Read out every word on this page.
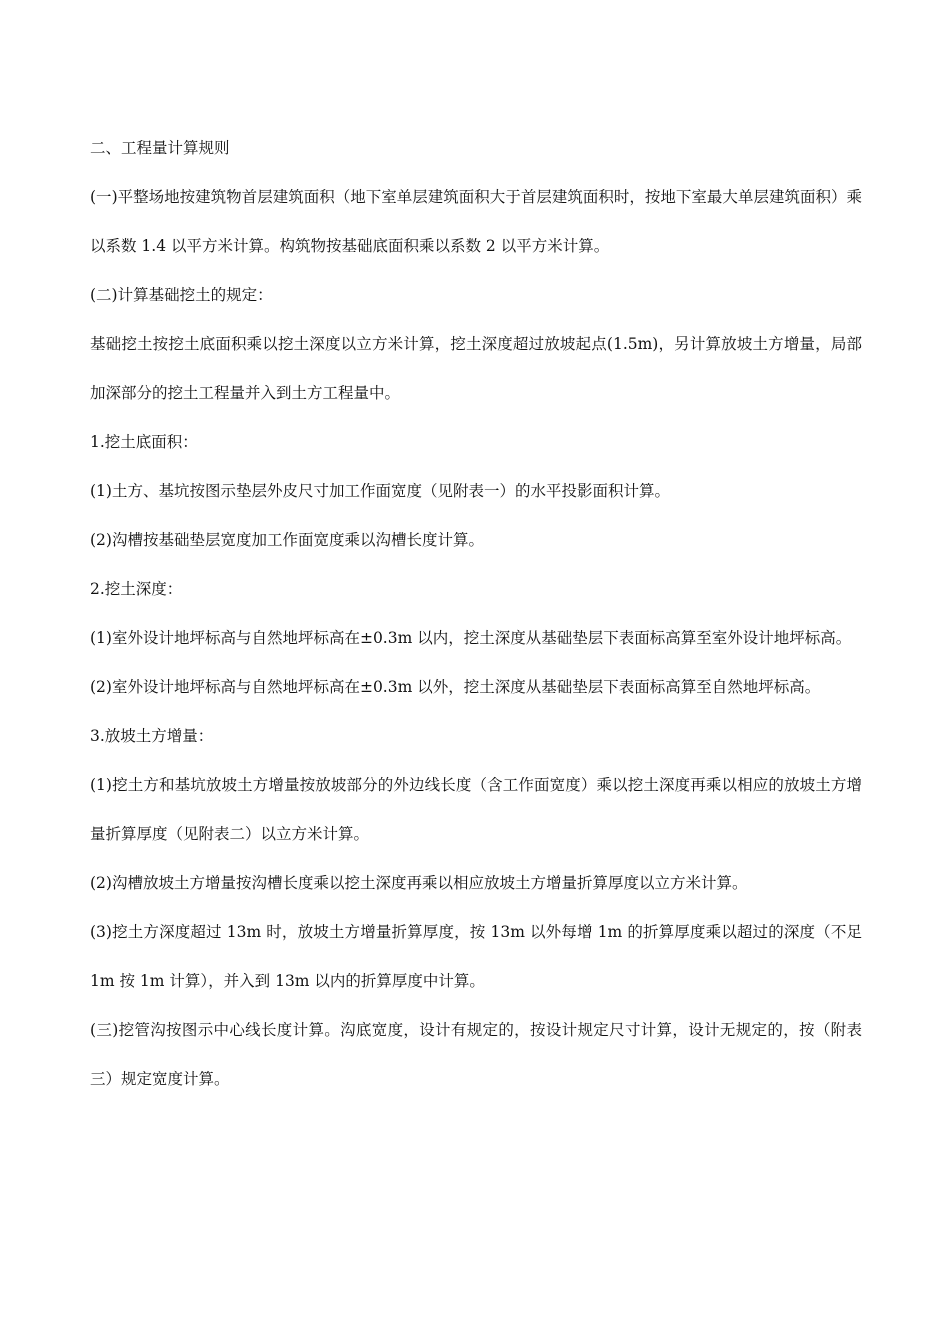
二、工程量计算规则

(一)平整场地按建筑物首层建筑面积（地下室单层建筑面积大于首层建筑面积时，按地下室最大单层建筑面积）乘以系数 1.4 以平方米计算。构筑物按基础底面积乘以系数 2 以平方米计算。

(二)计算基础挖土的规定：

基础挖土按挖土底面积乘以挖土深度以立方米计算，挖土深度超过放坡起点(1.5m)，另计算放坡土方增量，局部加深部分的挖土工程量并入到土方工程量中。

1.挖土底面积：

(1)土方、基坑按图示垫层外皮尺寸加工作面宽度（见附表一）的水平投影面积计算。

(2)沟槽按基础垫层宽度加工作面宽度乘以沟槽长度计算。

2.挖土深度：

(1)室外设计地坪标高与自然地坪标高在±0.3m 以内，挖土深度从基础垫层下表面标高算至室外设计地坪标高。

(2)室外设计地坪标高与自然地坪标高在±0.3m 以外，挖土深度从基础垫层下表面标高算至自然地坪标高。

3.放坡土方增量：

(1)挖土方和基坑放坡土方增量按放坡部分的外边线长度（含工作面宽度）乘以挖土深度再乘以相应的放坡土方增量折算厚度（见附表二）以立方米计算。

(2)沟槽放坡土方增量按沟槽长度乘以挖土深度再乘以相应放坡土方增量折算厚度以立方米计算。

(3)挖土方深度超过 13m 时，放坡土方增量折算厚度，按 13m 以外每增 1m 的折算厚度乘以超过的深度（不足 1m 按 1m 计算），并入到 13m 以内的折算厚度中计算。

(三)挖管沟按图示中心线长度计算。沟底宽度，设计有规定的，按设计规定尺寸计算，设计无规定的，按（附表三）规定宽度计算。
